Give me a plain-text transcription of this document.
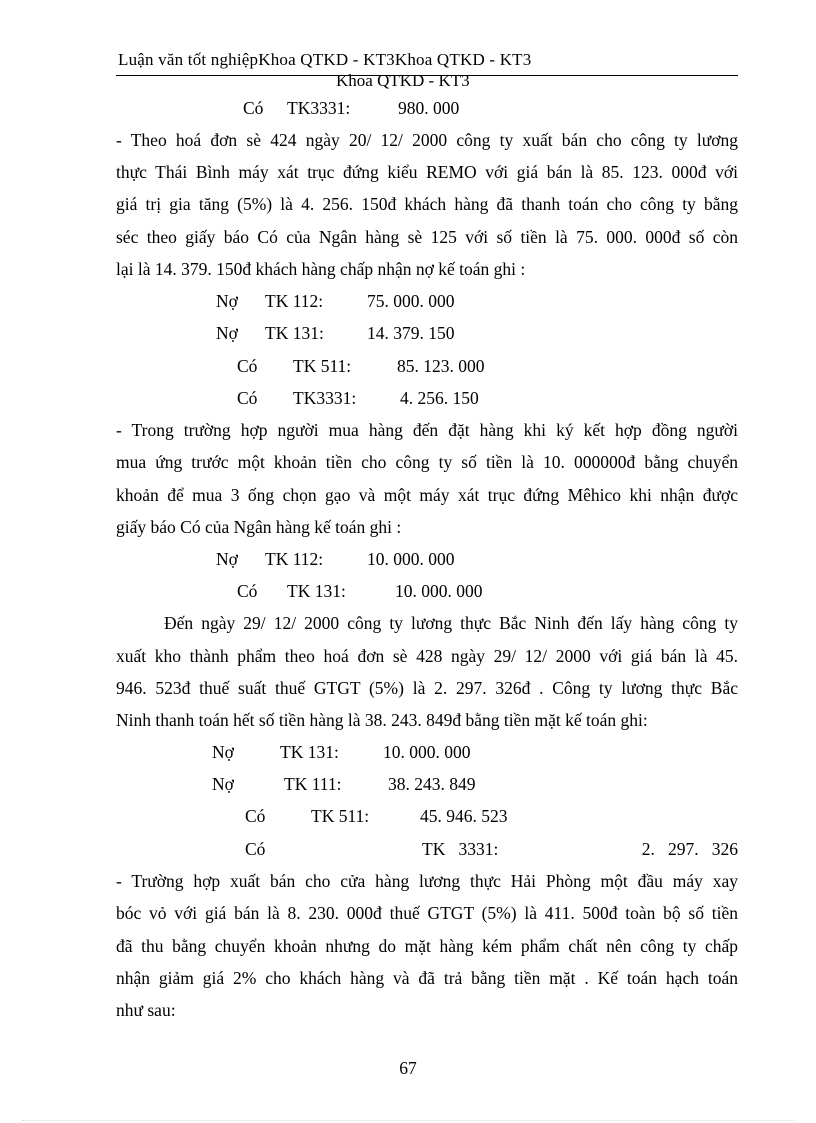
Luận văn tốt nghiệpKhoa QTKD - KT3Khoa QTKD - KT3
Khoa QTKD - KT3
Có TK3331:	980. 000
- Theo hoá đơn sè 424 ngày 20/ 12/ 2000 công ty xuất bán cho công ty lương
thực Thái Bình máy xát trục đứng kiểu REMO với giá bán là 85. 123. 000đ với
giá trị gia tăng (5%) là 4. 256. 150đ khách hàng đã thanh toán cho công ty bằng
séc theo giấy báo Có của Ngân hàng sè 125 với số tiền là 75. 000. 000đ số còn
lại là 14. 379. 150đ khách hàng chấp nhận nợ kế toán ghi :
Nợ TK 112:	75. 000. 000
Nợ TK 131: 14. 379. 150
Có TK 511:	85. 123. 000
Có TK3331:	4. 256. 150
- Trong trường hợp người mua hàng đến đặt hàng khi ký kết hợp đồng người
mua ứng trước một khoản tiền cho công ty số tiền là 10. 000000đ bằng chuyển
khoản để mua 3 ống chọn gạo và một máy xát trục đứng Mêhico khi nhận được
giấy báo Có của Ngân hàng kế toán ghi :
Nợ TK 112:	10. 000. 000
Có TK 131:	10. 000. 000
Đến ngày 29/ 12/ 2000 công ty lương thực Bắc Ninh đến lấy hàng công ty
xuất kho thành phẩm theo hoá đơn sè 428 ngày 29/ 12/ 2000 với giá bán là 45.
946. 523đ thuế suất thuế GTGT (5%) là 2. 297. 326đ . Công ty lương thực Bắc
Ninh thanh toán hết số tiền hàng là 38. 243. 849đ bằng tiền mặt kế toán ghi:
Nợ	TK 131:	10. 000. 000
Nợ	TK 111:	38. 243. 849
Có	TK 511:	45. 946. 523
Có	TK   3331:	2.   297.   326
- Trường hợp xuất bán cho cửa hàng lương thực Hải Phòng một đầu máy xay
bóc vỏ với giá bán là 8. 230. 000đ thuế GTGT (5%) là 411. 500đ toàn bộ số tiền
đã thu bằng chuyển khoản nhưng do mặt hàng kém phẩm chất nên công ty chấp
nhận giảm giá 2% cho khách hàng và đã trả bằng tiền mặt . Kế toán hạch toán
như sau:
67
